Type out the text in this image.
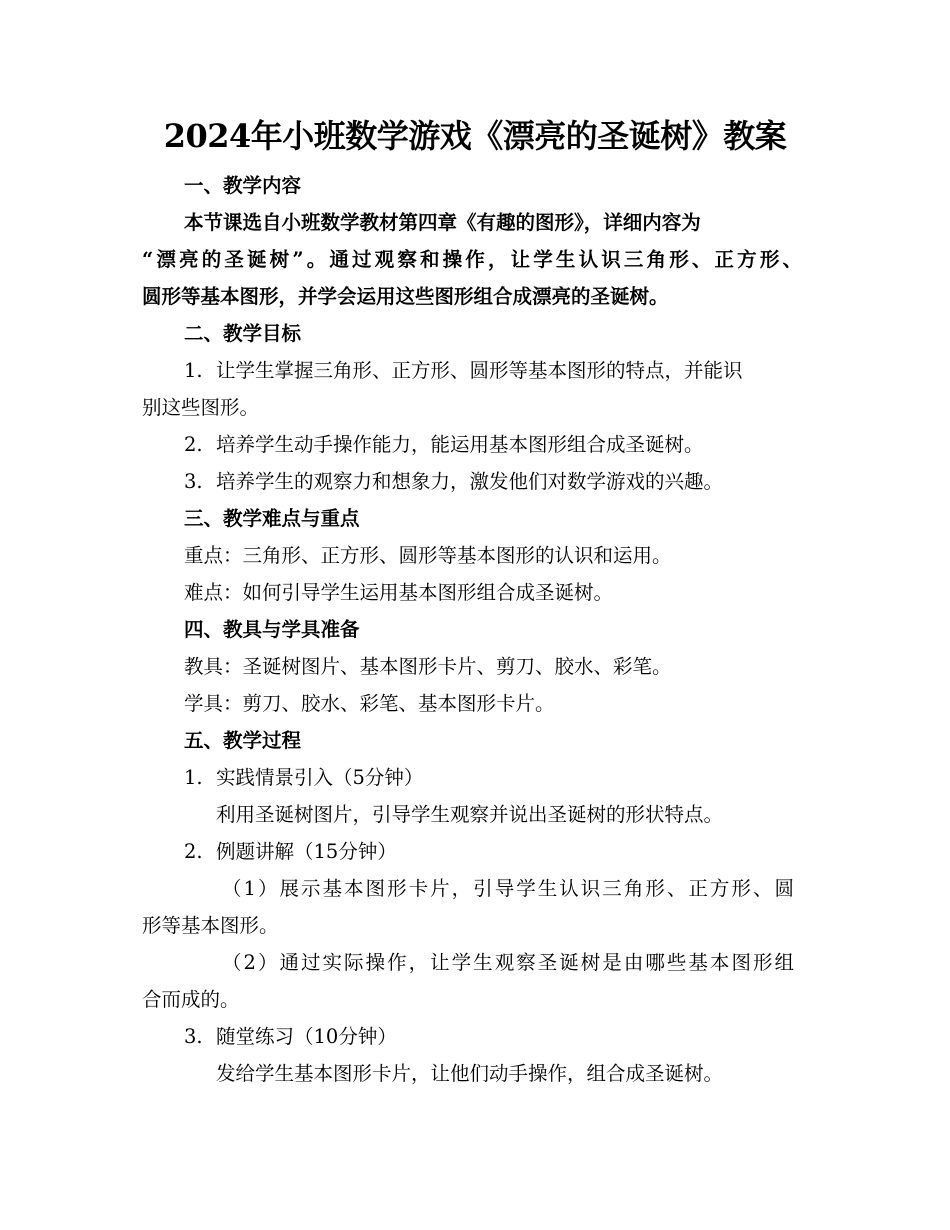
2024年小班数学游戏《漂亮的圣诞树》教案
一、教学内容
本节课选自小班数学教材第四章《有趣的图形》，详细内容为
“漂亮的圣诞树”。通过观察和操作，让学生认识三角形、正方形、
圆形等基本图形，并学会运用这些图形组合成漂亮的圣诞树。
二、教学目标
1. 让学生掌握三角形、正方形、圆形等基本图形的特点，并能识
别这些图形。
2. 培养学生动手操作能力，能运用基本图形组合成圣诞树。
3. 培养学生的观察力和想象力，激发他们对数学游戏的兴趣。
三、教学难点与重点
重点：三角形、正方形、圆形等基本图形的认识和运用。
难点：如何引导学生运用基本图形组合成圣诞树。
四、教具与学具准备
教具：圣诞树图片、基本图形卡片、剪刀、胶水、彩笔。
学具：剪刀、胶水、彩笔、基本图形卡片。
五、教学过程
1. 实践情景引入（5分钟）
利用圣诞树图片，引导学生观察并说出圣诞树的形状特点。
2. 例题讲解（15分钟）
（1）展示基本图形卡片，引导学生认识三角形、正方形、圆
形等基本图形。
（2）通过实际操作，让学生观察圣诞树是由哪些基本图形组
合而成的。
3. 随堂练习（10分钟）
发给学生基本图形卡片，让他们动手操作，组合成圣诞树。
